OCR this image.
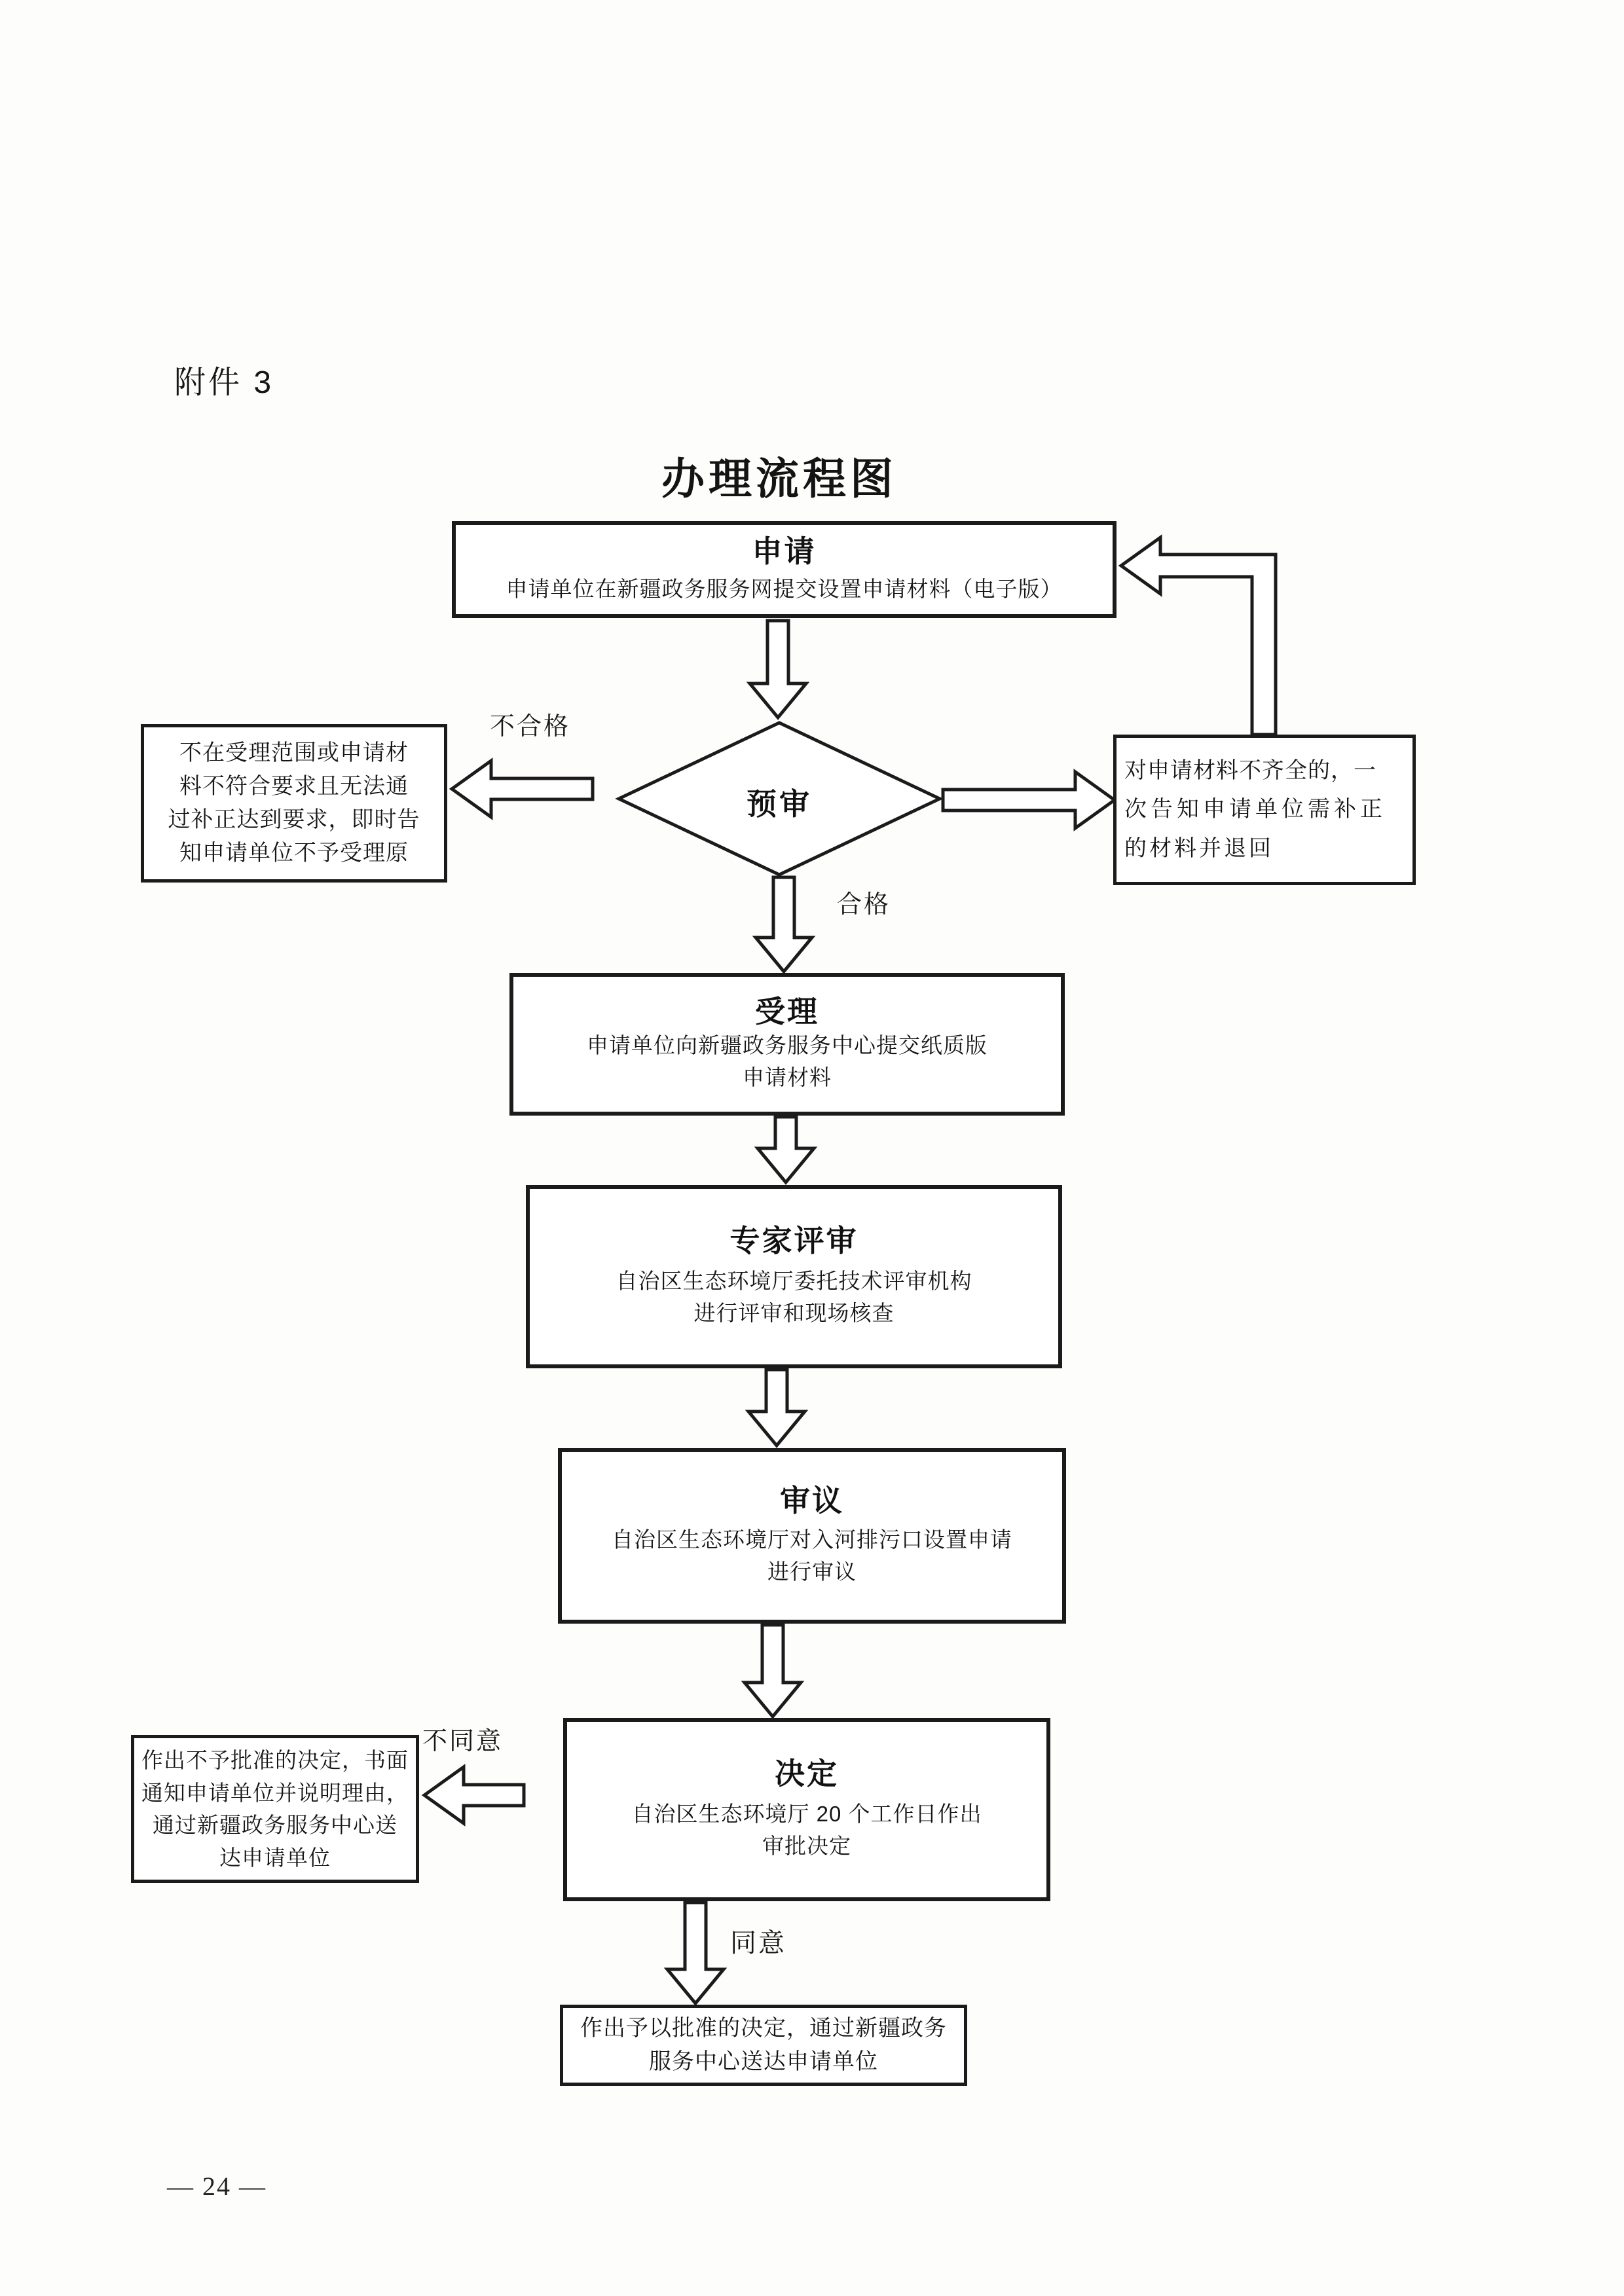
附件 3
办理流程图
申请
申请单位在新疆政务服务网提交设置申请材料（电子版）
预审
不合格
合格
不同意
同意
不在受理范围或申请材
料不符合要求且无法通
过补正达到要求，即时告
知申请单位不予受理原
对申请材料不齐全的，一
次告知申请单位需补正
的材料并退回
受理
申请单位向新疆政务服务中心提交纸质版
申请材料
专家评审
自治区生态环境厅委托技术评审机构
进行评审和现场核查
审议
自治区生态环境厅对入河排污口设置申请
进行审议
决定
自治区生态环境厅 20 个工作日作出
审批决定
作出不予批准的决定，书面
通知申请单位并说明理由，
通过新疆政务服务中心送
达申请单位
作出予以批准的决定，通过新疆政务
服务中心送达申请单位
— 24 —
